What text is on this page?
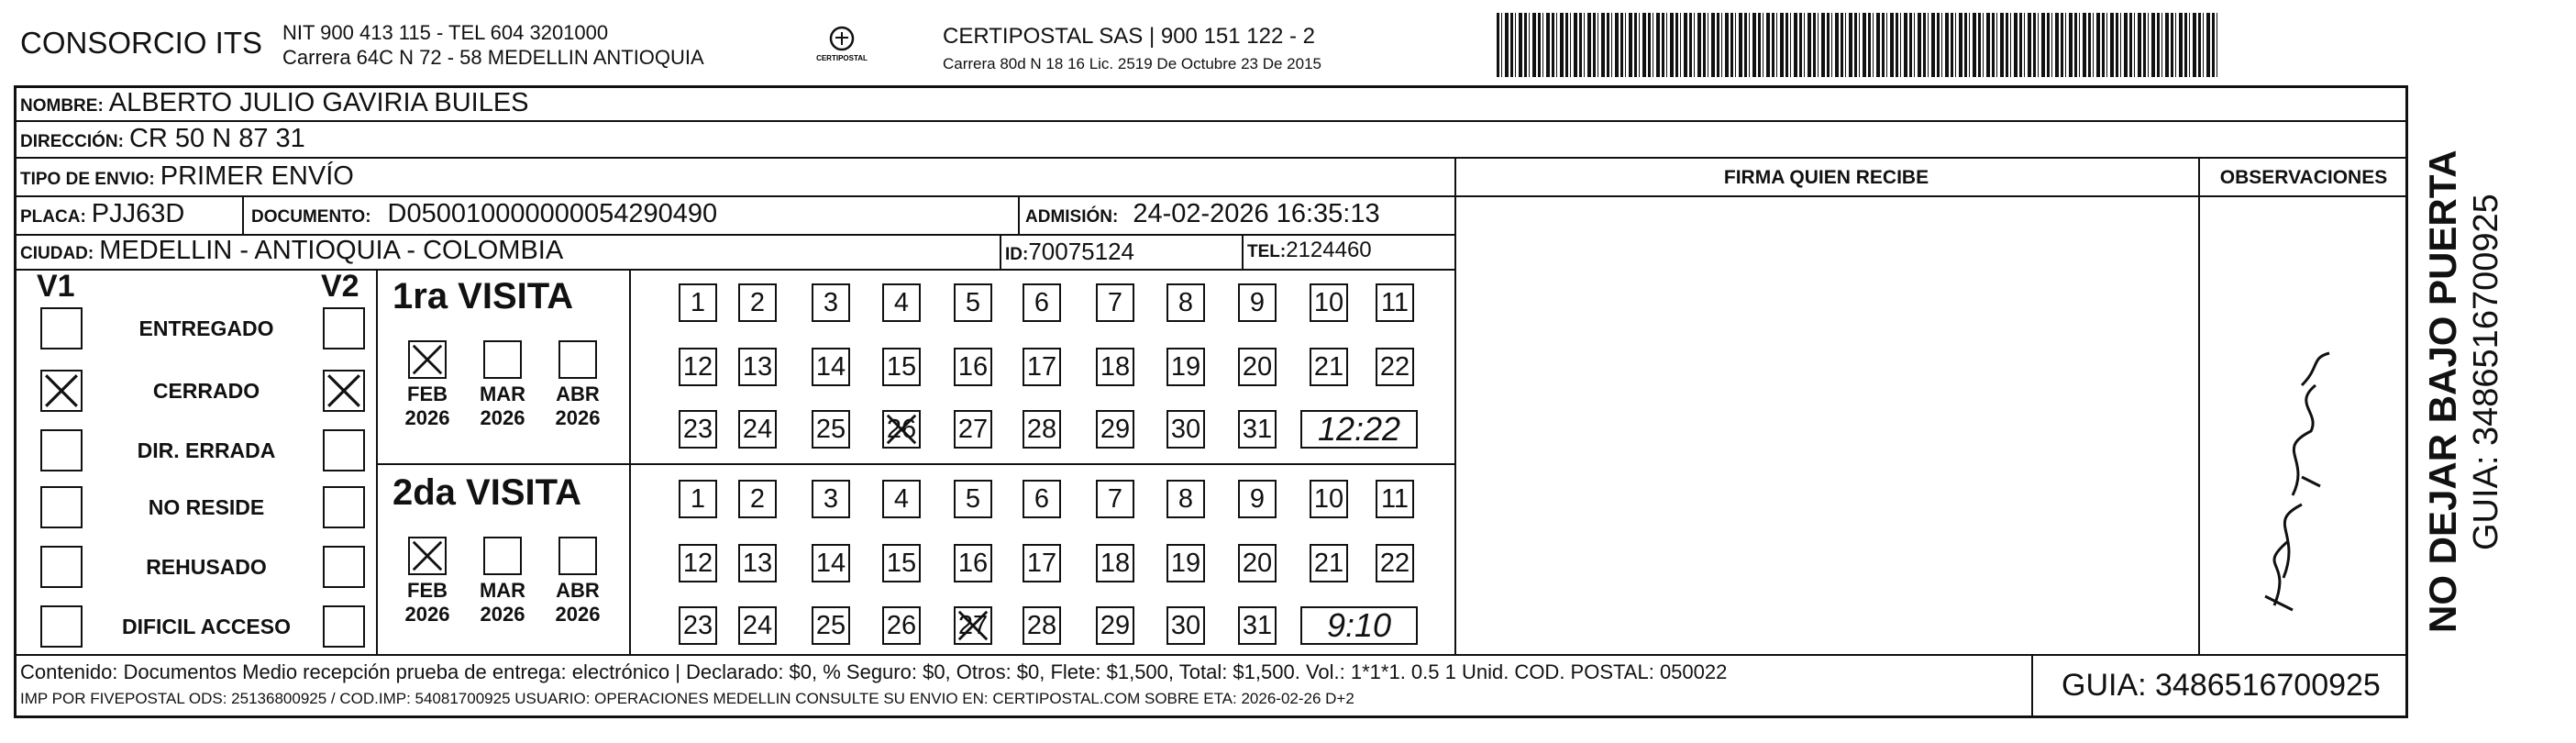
CONSORCIO ITS NIT 900 413 115 - TEL 604 3201000
Carrera 64C N 72 - 58 MEDELLIN ANTIOQUIA	CERTIPOSTAL
CERTIPOSTAL SAS | 900 151 122 - 2
Carrera 80d N 18 16 Lic. 2519 De Octubre 23 De 2015
NOMBRE: ALBERTO JULIO GAVIRIA BUILES
DIRECCIÓN: CR 50 N 87 31
TIPO DE ENVIO: PRIMER ENVÍO
PLACA: PJJ63D	DOCUMENTO: D050010000000054290490	ADMISIÓN: 24-02-2026 16:35:13
CIUDAD: MEDELLIN - ANTIOQUIA - COLOMBIA	ID: 70075124	TEL: 2124460
FIRMA QUIEN RECIBE	OBSERVACIONES
V1	V2
ENTREGADO
CERRADO
DIR. ERRADA
NO RESIDE
REHUSADO
DIFICIL ACCESO
1ra VISITA
FEB
2026
MAR
2026
ABR
2026
1	2	3	4	5	6	7	8	9	10 11
12 13 14 15 16 17 18 19 20 21 22
23 24 25 26 27 28 29 30 31	12:22
2da VISITA
FEB
2026
MAR
2026
ABR
2026
1	2	3	4	5	6	7	8	9	10 11
12 13 14 15 16 17 18 19 20 21 22
23 24 25 26 27 28 29 30 31	9:10
Fl Baldoma	NO DEJAR BAJO PUERTA GUIA: 3486516700925
Contenido: Documentos Medio recepción prueba de entrega: electrónico | Declarado: $0, % Seguro: $0, Otros: $0, Flete: $1,500, Total: $1,500. Vol.: 1*1*1. 0.5 1 Unid. COD. POSTAL: 050022
IMP POR FIVEPOSTAL ODS: 25136800925 / COD.IMP: 54081700925 USUARIO: OPERACIONES MEDELLIN CONSULTE SU ENVIO EN: CERTIPOSTAL.COM SOBRE ETA: 2026-02-26 D+2	GUIA: 3486516700925
